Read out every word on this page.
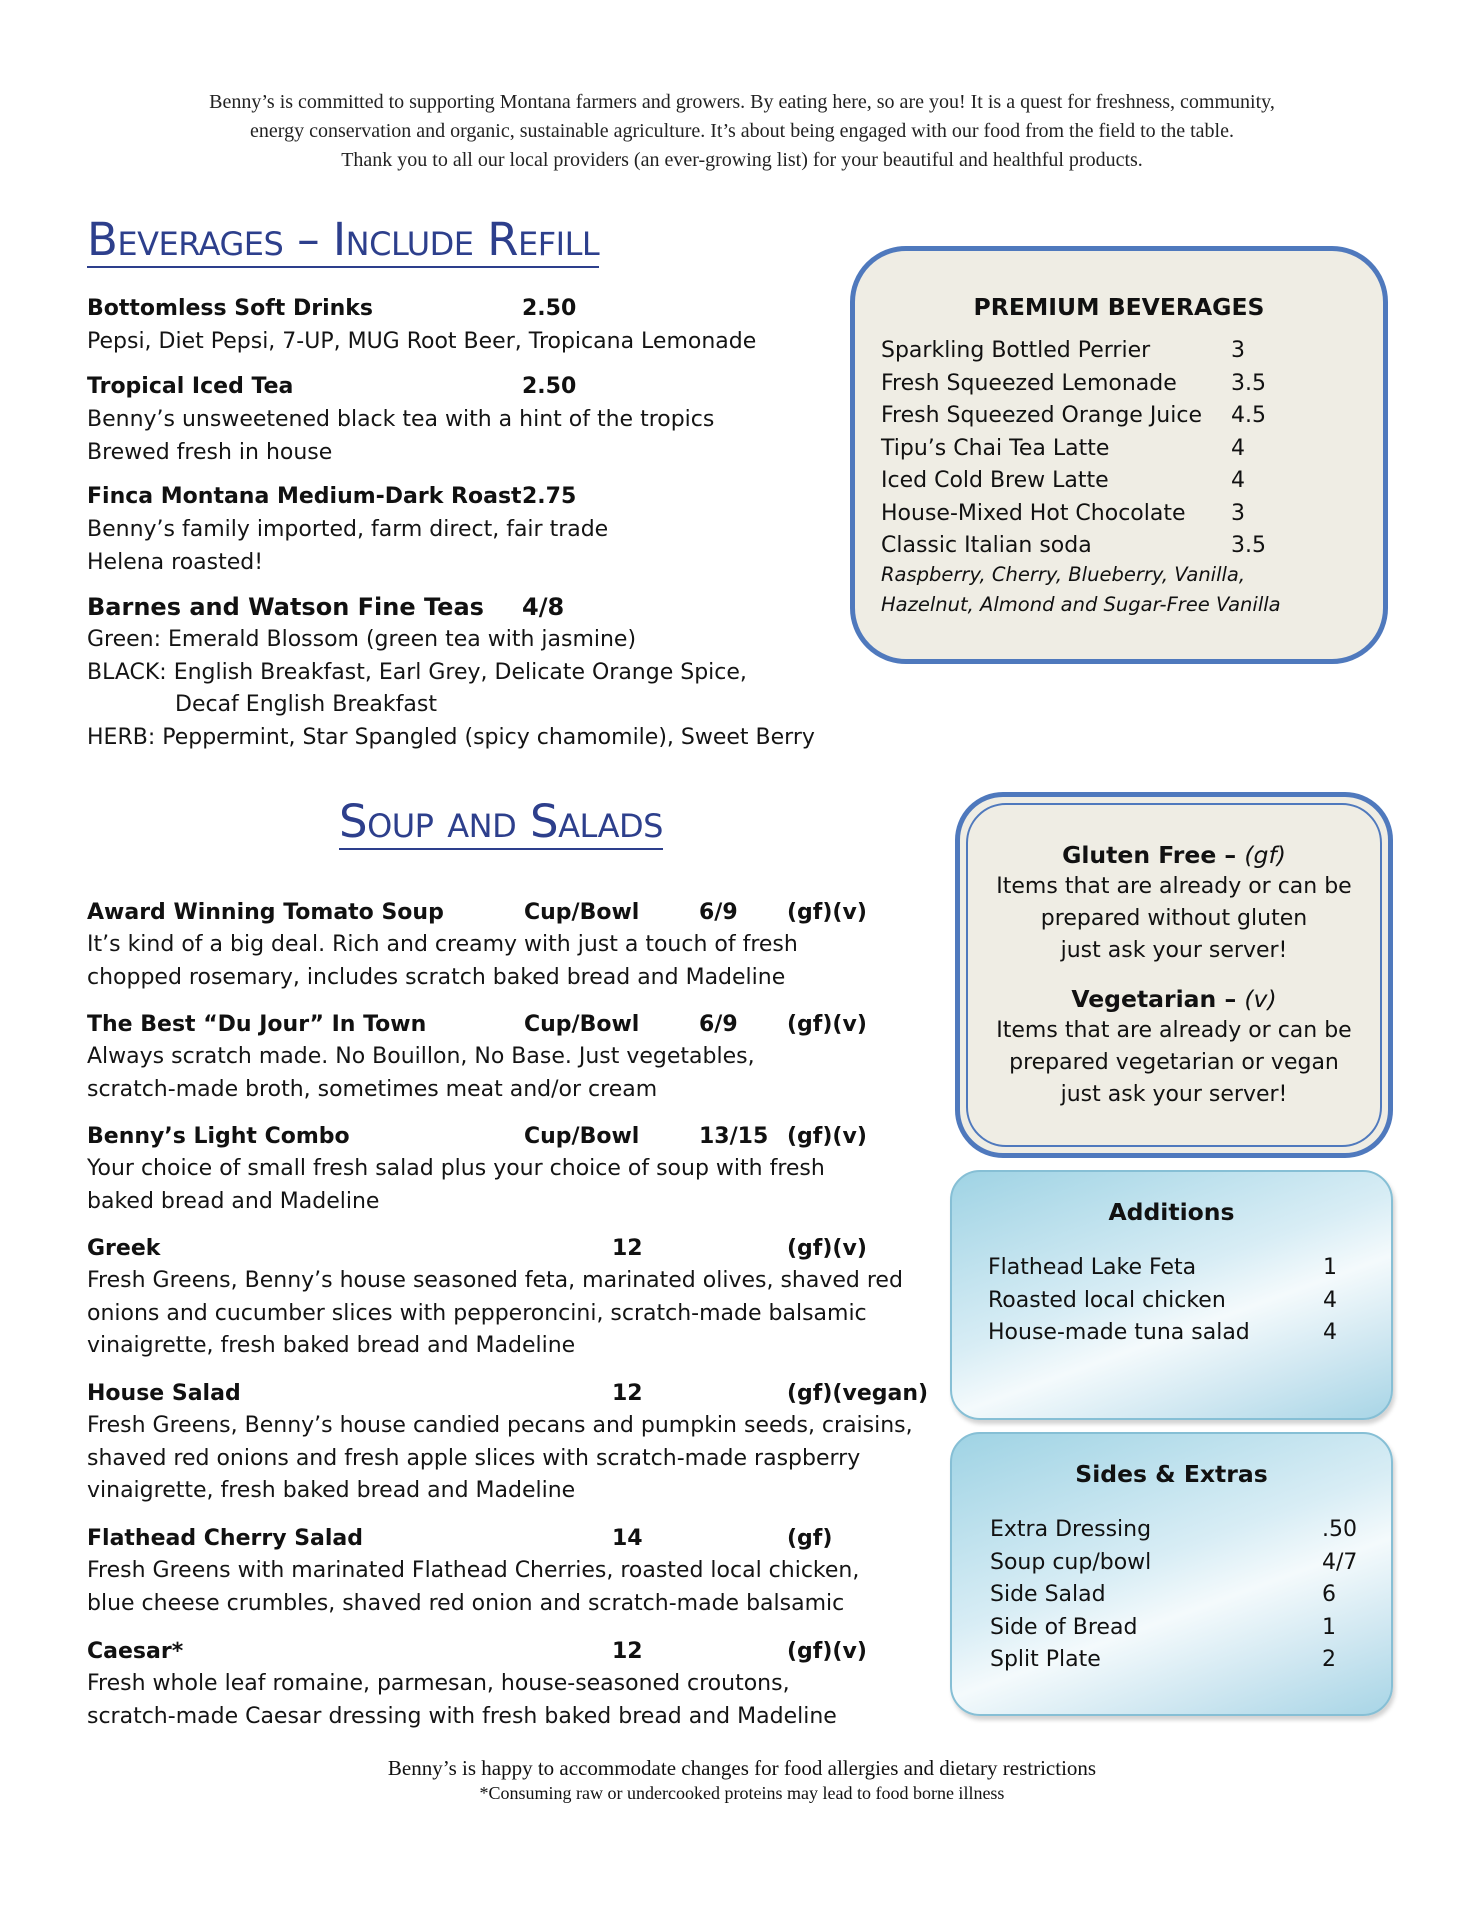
Benny’s is committed to supporting Montana farmers and growers. By eating here, so are you! It is a quest for freshness, community,
energy conservation and organic, sustainable agriculture. It’s about being engaged with our food from the field to the table.
Thank you to all our local providers (an ever-growing list) for your beautiful and healthful products.
Beverages – Include Refill
Bottomless Soft Drinks	2.50
Pepsi, Diet Pepsi, 7-UP, MUG Root Beer, Tropicana Lemonade
Tropical Iced Tea	2.50
Benny’s unsweetened black tea with a hint of the tropics
Brewed fresh in house
Finca Montana Medium-Dark Roast 2.75
Benny’s family imported, farm direct, fair trade
Helena roasted!
Barnes and Watson Fine Teas 4/8
Green: Emerald Blossom (green tea with jasmine)
BLACK: English Breakfast, Earl Grey, Delicate Orange Spice,
Decaf English Breakfast
HERB: Peppermint, Star Spangled (spicy chamomile), Sweet Berry
PREMIUM BEVERAGES
Sparkling Bottled Perrier	3
Fresh Squeezed Lemonade 3.5
Fresh Squeezed Orange Juice 4.5
Tipu’s Chai Tea Latte	4
Iced Cold Brew Latte	4
House-Mixed Hot Chocolate 3
Classic Italian soda	3.5
Raspberry, Cherry, Blueberry, Vanilla,
Hazelnut, Almond and Sugar-Free Vanilla
Soup and Salads
Award Winning Tomato Soup	Cup/Bowl	6/9 (gf)(v)
It’s kind of a big deal. Rich and creamy with just a touch of fresh
chopped rosemary, includes scratch baked bread and Madeline
The Best “Du Jour” In Town	Cup/Bowl	6/9 (gf)(v)
Always scratch made. No Bouillon, No Base. Just vegetables,
scratch-made broth, sometimes meat and/or cream
Benny’s Light Combo	Cup/Bowl	13/15 (gf)(v)
Your choice of small fresh salad plus your choice of soup with fresh
baked bread and Madeline
Greek	12	(gf)(v)
Fresh Greens, Benny’s house seasoned feta, marinated olives, shaved red
onions and cucumber slices with pepperoncini, scratch-made balsamic
vinaigrette, fresh baked bread and Madeline
House Salad	12	(gf)(vegan)
Fresh Greens, Benny’s house candied pecans and pumpkin seeds, craisins,
shaved red onions and fresh apple slices with scratch-made raspberry
vinaigrette, fresh baked bread and Madeline
Flathead Cherry Salad	14	(gf)
Fresh Greens with marinated Flathead Cherries, roasted local chicken,
blue cheese crumbles, shaved red onion and scratch-made balsamic
Caesar*	12	(gf)(v)
Fresh whole leaf romaine, parmesan, house-seasoned croutons,
scratch-made Caesar dressing with fresh baked bread and Madeline
Gluten Free – (gf)
Items that are already or can be
prepared without gluten
just ask your server!
Vegetarian – (v)
Items that are already or can be
prepared vegetarian or vegan
just ask your server!
Additions
Flathead Lake Feta	1
Roasted local chicken	4
House-made tuna salad	4
Sides & Extras
Extra Dressing	.50
Soup cup/bowl	4/7
Side Salad	6
Side of Bread	1
Split Plate	2
Benny’s is happy to accommodate changes for food allergies and dietary restrictions
*Consuming raw or undercooked proteins may lead to food borne illness
